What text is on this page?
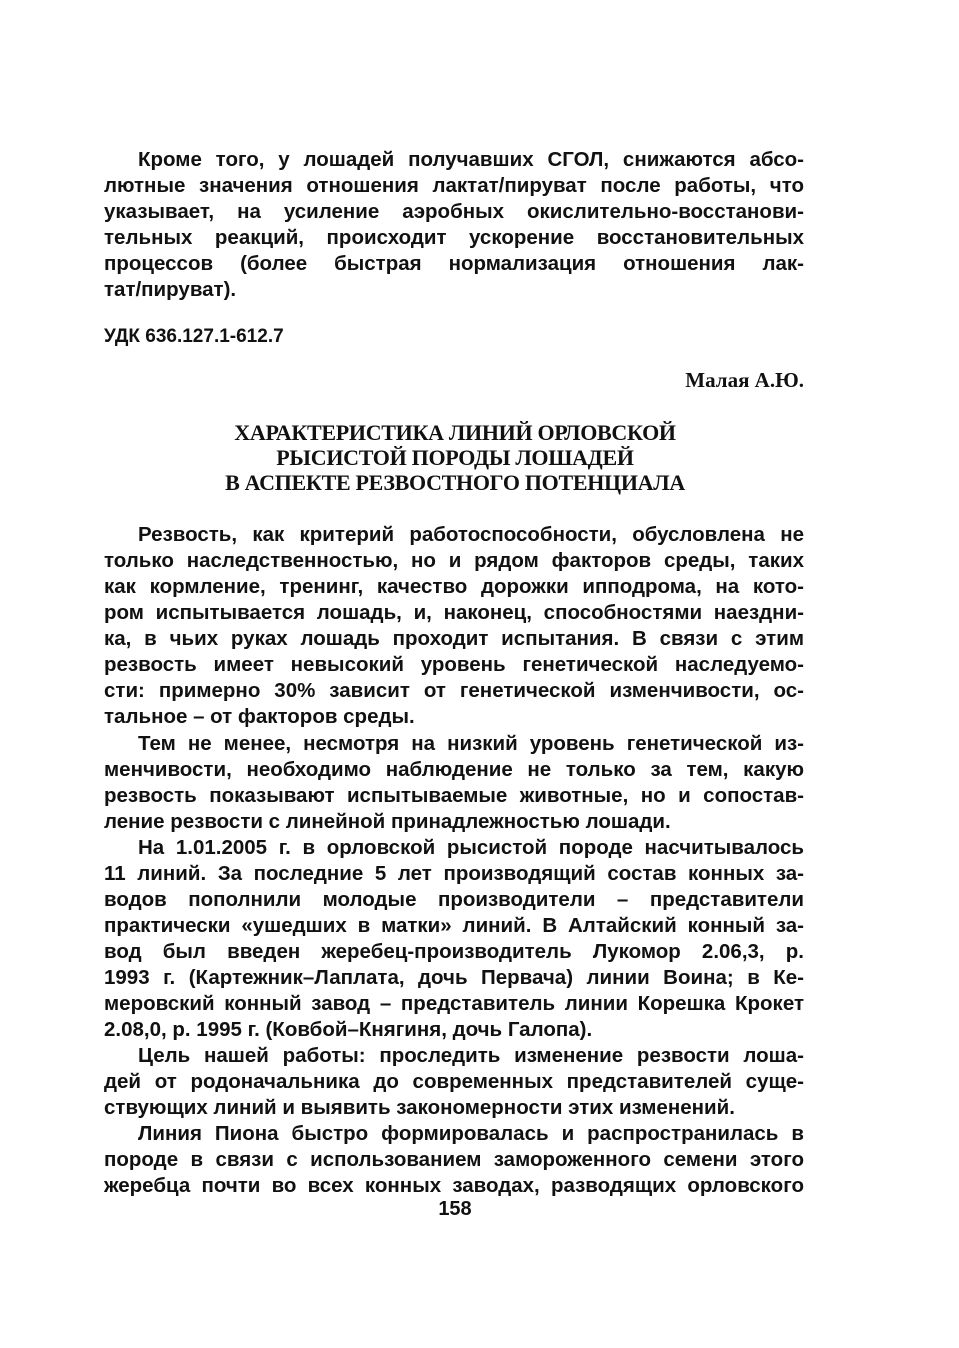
Кроме того, у лошадей получавших СГОЛ, снижаются абсо-
лютные значения отношения лактат/пируват после работы, что
указывает, на усиление аэробных окислительно-восстанови-
тельных реакций, происходит ускорение восстановительных
процессов (более быстрая нормализация отношения лак-
тат/пируват).
УДК 636.127.1-612.7
Малая А.Ю.
ХАРАКТЕРИСТИКА ЛИНИЙ ОРЛОВСКОЙ
РЫСИСТОЙ ПОРОДЫ ЛОШАДЕЙ
В АСПЕКТЕ РЕЗВОСТНОГО ПОТЕНЦИАЛА
Резвость, как критерий работоспособности, обусловлена не
только наследственностью, но и рядом факторов среды, таких
как кормление, тренинг, качество дорожки ипподрома, на кото-
ром испытывается лошадь, и, наконец, способностями наездни-
ка, в чьих руках лошадь проходит испытания. В связи с этим
резвость имеет невысокий уровень генетической наследуемо-
сти: примерно 30% зависит от генетической изменчивости, ос-
тальное – от факторов среды.
Тем не менее, несмотря на низкий уровень генетической из-
менчивости, необходимо наблюдение не только за тем, какую
резвость показывают испытываемые животные, но и сопостав-
ление резвости с линейной принадлежностью лошади.
На 1.01.2005 г. в орловской рысистой породе насчитывалось
11 линий. За последние 5 лет производящий состав конных за-
водов пополнили молодые производители – представители
практически «ушедших в матки» линий. В Алтайский конный за-
вод был введен жеребец-производитель Лукомор 2.06,3, р.
1993 г. (Картежник–Лаплата, дочь Первача) линии Воина; в Ке-
меровский конный завод – представитель линии Корешка Крокет
2.08,0, р. 1995 г. (Ковбой–Княгиня, дочь Галопа).
Цель нашей работы: проследить изменение резвости лоша-
дей от родоначальника до современных представителей суще-
ствующих линий и выявить закономерности этих изменений.
Линия Пиона быстро формировалась и распространилась в
породе в связи с использованием замороженного семени этого
жеребца почти во всех конных заводах, разводящих орловского
158
